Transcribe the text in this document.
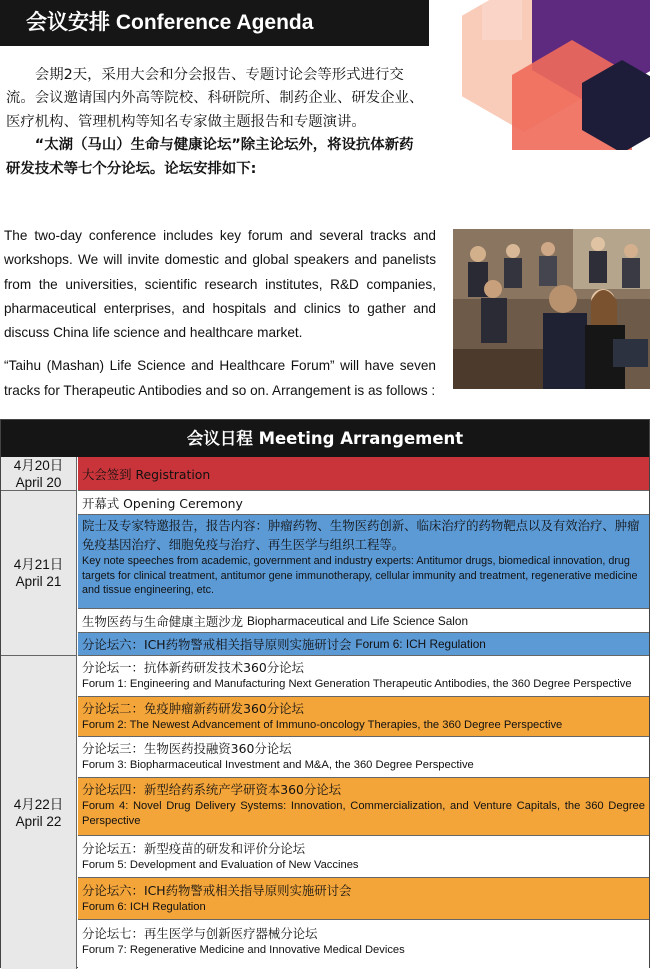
会议安排 Conference Agenda

会期2天，采用大会和分会报告、专题讨论会等形式进行交流。会议邀请国内外高等院校、科研院所、制药企业、研发企业、医疗机构、管理机构等知名专家做主题报告和专题演讲。

“太湖（马山）生命与健康论坛”除主论坛外，将设抗体新药研发技术等七个分论坛。论坛安排如下:

The two-day conference includes key forum and several tracks and workshops. We will invite domestic and global speakers and panelists from the universities, scientific research institutes, R&D companies, pharmaceutical enterprises, and hospitals and clinics to gather and discuss China life science and healthcare market.

“Taihu (Mashan) Life Science and Healthcare Forum” will have seven tracks for Therapeutic Antibodies and so on. Arrangement is as follows :

会议日程 Meeting Arrangement
4月20日
April 20
大会签到 Registration
4月21日
April 21
开幕式 Opening Ceremony
院士及专家特邀报告，报告内容：肿瘤药物、生物医药创新、临床治疗的药物靶点以及有效治疗、肿瘤免疫基因治疗、细胞免疫与治疗、再生医学与组织工程等。
Key note speeches from academic, government and industry experts: Antitumor drugs, biomedical innovation, drug targets for clinical treatment, antitumor gene immunotherapy, cellular immunity and treatment, regenerative medicine and tissue engineering, etc.
生物医药与生命健康主题沙龙
Biopharmaceutical and Life Science Salon
分论坛六：ICH药物警戒相关指导原则实施研讨会
Forum 6: ICH Regulation
4月22日
April 22
分论坛一：抗体新药研发技术360分论坛
Forum 1: Engineering and Manufacturing Next Generation Therapeutic Antibodies, the 360 Degree Perspective
分论坛二：免疫肿瘤新药研发360分论坛
Forum 2: The Newest Advancement of Immuno-oncology Therapies, the 360 Degree Perspective
分论坛三：生物医药投融资360分论坛
Forum 3: Biopharmaceutical Investment and M&A, the 360 Degree Perspective
分论坛四：新型给药系统产学研资本360分论坛
Forum 4: Novel Drug Delivery Systems: Innovation, Commercialization, and Venture Capitals, the 360 Degree Perspective
分论坛五：新型疫苗的研发和评价分论坛
Forum 5: Development and Evaluation of New Vaccines
分论坛六：ICH药物警戒相关指导原则实施研讨会
Forum 6: ICH Regulation
分论坛七：再生医学与创新医疗器械分论坛
Forum 7: Regenerative Medicine and Innovative Medical Devices
